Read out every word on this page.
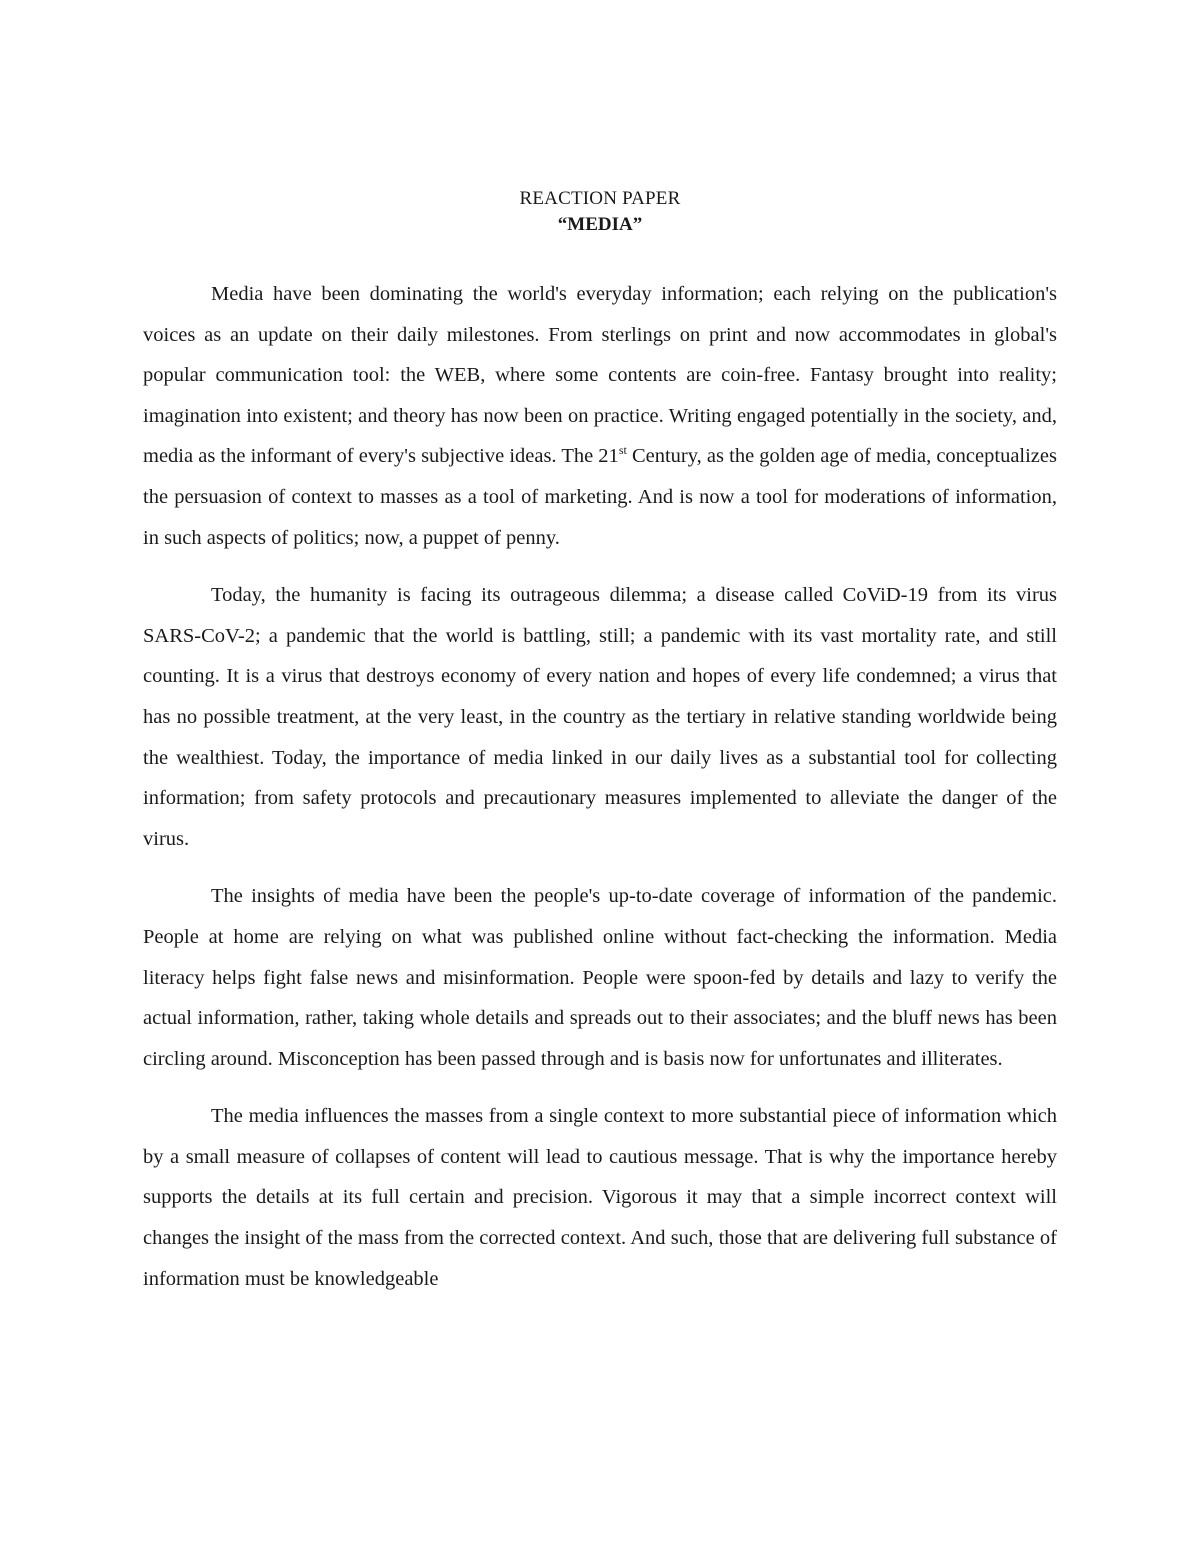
REACTION PAPER

“MEDIA”

Media have been dominating the world's everyday information; each relying on the publication's voices as an update on their daily milestones. From sterlings on print and now accommodates in global's popular communication tool: the WEB, where some contents are coin-free. Fantasy brought into reality; imagination into existent; and theory has now been on practice. Writing engaged potentially in the society, and, media as the informant of every's subjective ideas. The 21st Century, as the golden age of media, conceptualizes the persuasion of context to masses as a tool of marketing. And is now a tool for moderations of information, in such aspects of politics; now, a puppet of penny.

Today, the humanity is facing its outrageous dilemma; a disease called CoViD-19 from its virus SARS-CoV-2; a pandemic that the world is battling, still; a pandemic with its vast mortality rate, and still counting. It is a virus that destroys economy of every nation and hopes of every life condemned; a virus that has no possible treatment, at the very least, in the country as the tertiary in relative standing worldwide being the wealthiest. Today, the importance of media linked in our daily lives as a substantial tool for collecting information; from safety protocols and precautionary measures implemented to alleviate the danger of the virus.

The insights of media have been the people's up-to-date coverage of information of the pandemic. People at home are relying on what was published online without fact-checking the information. Media literacy helps fight false news and misinformation. People were spoon-fed by details and lazy to verify the actual information, rather, taking whole details and spreads out to their associates; and the bluff news has been circling around. Misconception has been passed through and is basis now for unfortunates and illiterates.

The media influences the masses from a single context to more substantial piece of information which by a small measure of collapses of content will lead to cautious message. That is why the importance hereby supports the details at its full certain and precision. Vigorous it may that a simple incorrect context will changes the insight of the mass from the corrected context. And such, those that are delivering full substance of information must be knowledgeable
